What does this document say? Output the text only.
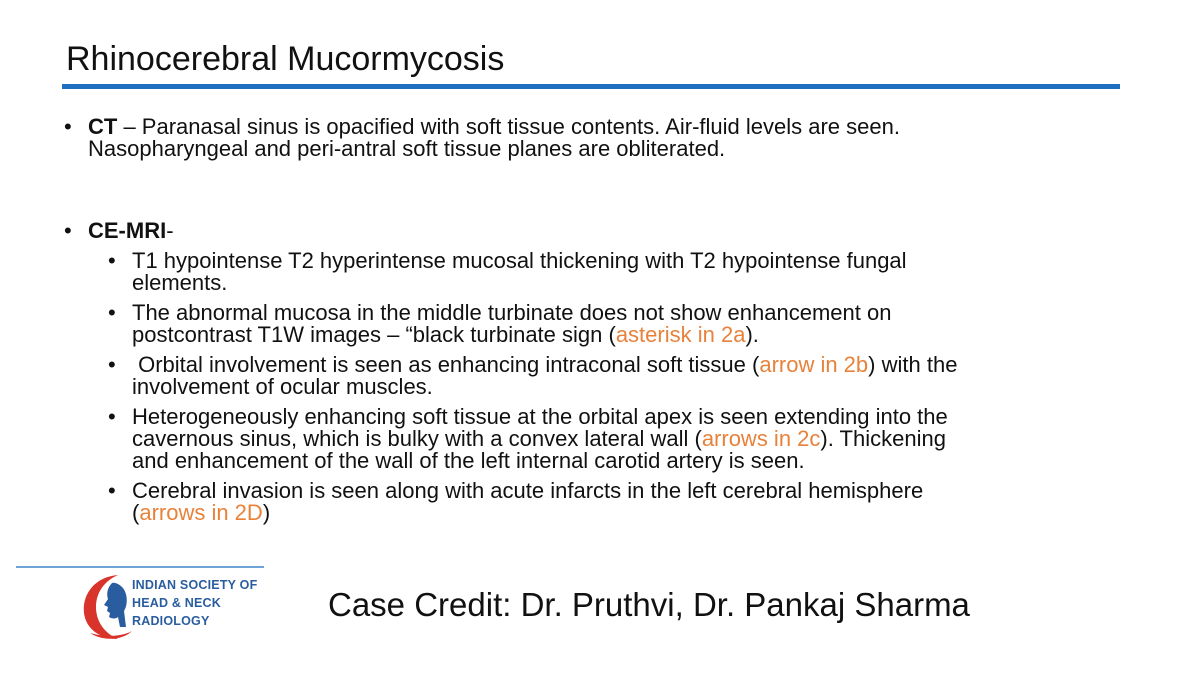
Rhinocerebral Mucormycosis
• CT – Paranasal sinus is opacified with soft tissue contents. Air-fluid levels are seen.
Nasopharyngeal and peri-antral soft tissue planes are obliterated.
• CE-MRI-
• T1 hypointense T2 hyperintense mucosal thickening with T2 hypointense fungal
elements.
• The abnormal mucosa in the middle turbinate does not show enhancement on
postcontrast T1W images – “black turbinate sign (asterisk in 2a).
• Orbital involvement is seen as enhancing intraconal soft tissue (arrow in 2b) with the
involvement of ocular muscles.
• Heterogeneously enhancing soft tissue at the orbital apex is seen extending into the
cavernous sinus, which is bulky with a convex lateral wall (arrows in 2c). Thickening
and enhancement of the wall of the left internal carotid artery is seen.
• Cerebral invasion is seen along with acute infarcts in the left cerebral hemisphere
(arrows in 2D)
INDIAN SOCIETY OF
HEAD & NECK
RADIOLOGY	Case Credit: Dr. Pruthvi, Dr. Pankaj Sharma
